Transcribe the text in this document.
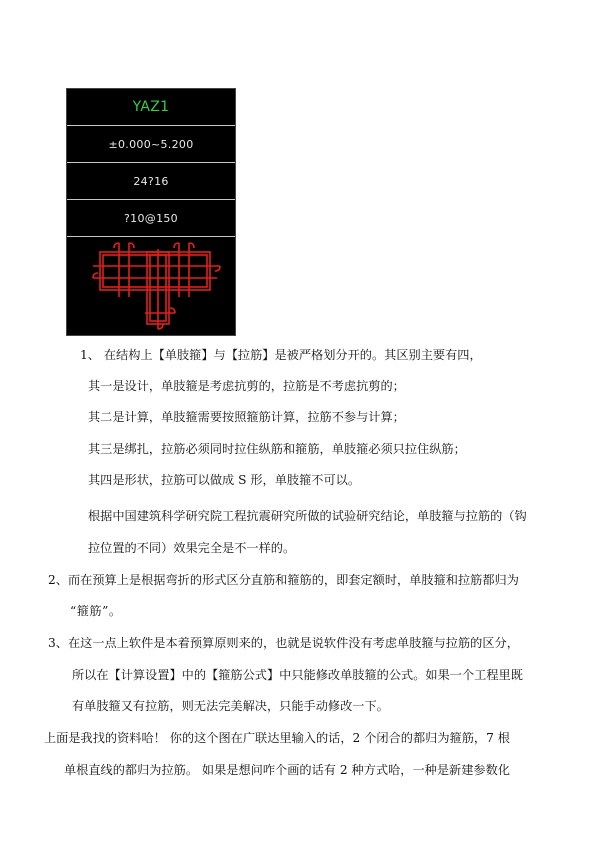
YAZ1
±0.000~5.200
24?16
?10@150
1、 在结构上【单肢箍】与【拉筋】是被严格划分开的。其区别主要有四，
其一是设计，单肢箍是考虑抗剪的，拉筋是不考虑抗剪的；
其二是计算，单肢箍需要按照箍筋计算，拉筋不参与计算；
其三是绑扎，拉筋必须同时拉住纵筋和箍筋，单肢箍必须只拉住纵筋；
其四是形状，拉筋可以做成 S 形，单肢箍不可以。
根据中国建筑科学研究院工程抗震研究所做的试验研究结论，单肢箍与拉筋的（钩
拉位置的不同）效果完全是不一样的。
2、而在预算上是根据弯折的形式区分直筋和箍筋的，即套定额时，单肢箍和拉筋都归为
“箍筋”。
3、在这一点上软件是本着预算原则来的，也就是说软件没有考虑单肢箍与拉筋的区分，
所以在【计算设置】中的【箍筋公式】中只能修改单肢箍的公式。如果一个工程里既
有单肢箍又有拉筋，则无法完美解决，只能手动修改一下。
上面是我找的资料哈！ 你的这个图在广联达里输入的话，2 个闭合的都归为箍筋，7 根
单根直线的都归为拉筋。 如果是想问咋个画的话有 2 种方式哈，一种是新建参数化
